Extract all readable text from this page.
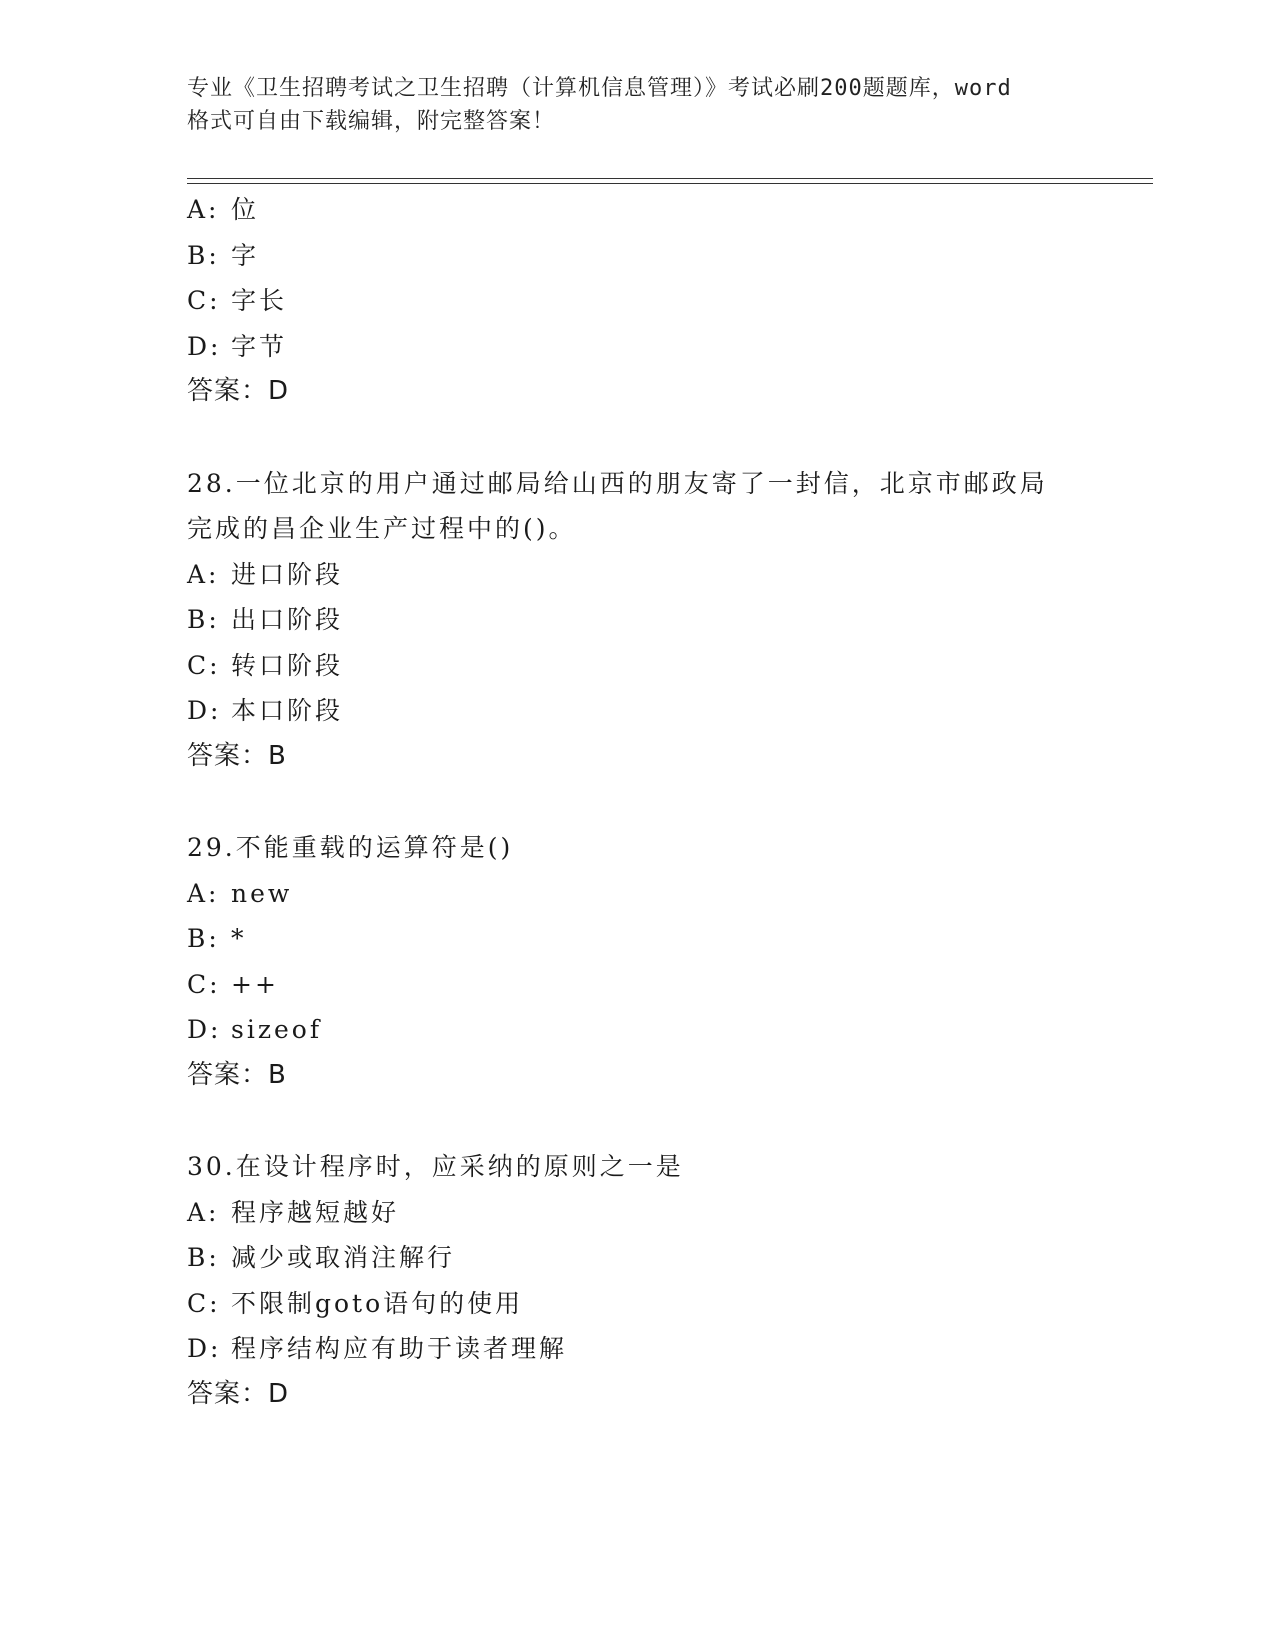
专业《卫生招聘考试之卫生招聘（计算机信息管理）》考试必刷200题题库，word
格式可自由下载编辑，附完整答案！
A: 位
B: 字
C: 字长
D: 字节
答案：D
28.一位北京的用户通过邮局给山西的朋友寄了一封信，北京市邮政局
完成的昌企业生产过程中的()。
A: 进口阶段
B: 出口阶段
C: 转口阶段
D: 本口阶段
答案：B
29.不能重载的运算符是()
A: new
B: *
C: ++
D: sizeof
答案：B
30.在设计程序时，应采纳的原则之一是
A: 程序越短越好
B: 减少或取消注解行
C: 不限制goto语句的使用
D: 程序结构应有助于读者理解
答案：D
